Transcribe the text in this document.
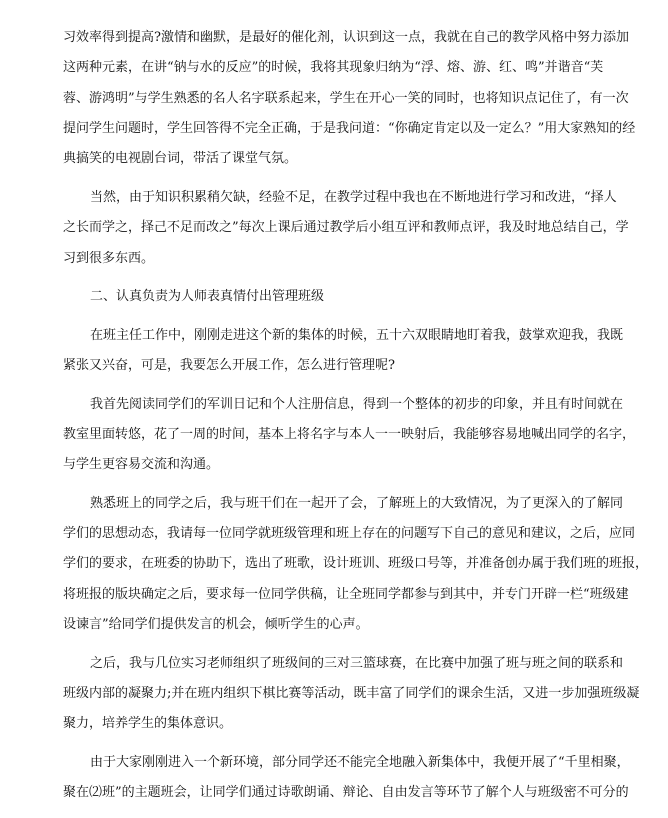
习效率得到提高?激情和幽默，是最好的催化剂，认识到这一点，我就在自己的教学风格中努力添加
这两种元素，在讲“钠与水的反应”的时候，我将其现象归纳为“浮、熔、游、红、鸣”并谐音“芙
蓉、游鸿明”与学生熟悉的名人名字联系起来，学生在开心一笑的同时，也将知识点记住了，有一次
提问学生问题时，学生回答得不完全正确，于是我问道：“你确定肯定以及一定么？”用大家熟知的经
典搞笑的电视剧台词，带活了课堂气氛。
当然，由于知识积累稍欠缺，经验不足，在教学过程中我也在不断地进行学习和改进，“择人
之长而学之，择己不足而改之”每次上课后通过教学后小组互评和教师点评，我及时地总结自己，学
习到很多东西。
二、认真负责为人师表真情付出管理班级
在班主任工作中，刚刚走进这个新的集体的时候，五十六双眼睛地盯着我，鼓掌欢迎我，我既
紧张又兴奋，可是，我要怎么开展工作，怎么进行管理呢?
我首先阅读同学们的军训日记和个人注册信息，得到一个整体的初步的印象，并且有时间就在
教室里面转悠，花了一周的时间，基本上将名字与本人一一映射后，我能够容易地喊出同学的名字，
与学生更容易交流和沟通。
熟悉班上的同学之后，我与班干们在一起开了会，了解班上的大致情况，为了更深入的了解同
学们的思想动态，我请每一位同学就班级管理和班上存在的问题写下自己的意见和建议，之后，应同
学们的要求，在班委的协助下，选出了班歌，设计班训、班级口号等，并准备创办属于我们班的班报，
将班报的版块确定之后，要求每一位同学供稿，让全班同学都参与到其中，并专门开辟一栏“班级建
设谏言”给同学们提供发言的机会，倾听学生的心声。
之后，我与几位实习老师组织了班级间的三对三篮球赛，在比赛中加强了班与班之间的联系和
班级内部的凝聚力;并在班内组织下棋比赛等活动，既丰富了同学们的课余生活，又进一步加强班级凝
聚力，培养学生的集体意识。
由于大家刚刚进入一个新环境，部分同学还不能完全地融入新集体中，我便开展了“千里相聚，
聚在⑵班”的主题班会，让同学们通过诗歌朗诵、辩论、自由发言等环节了解个人与班级密不可分的
